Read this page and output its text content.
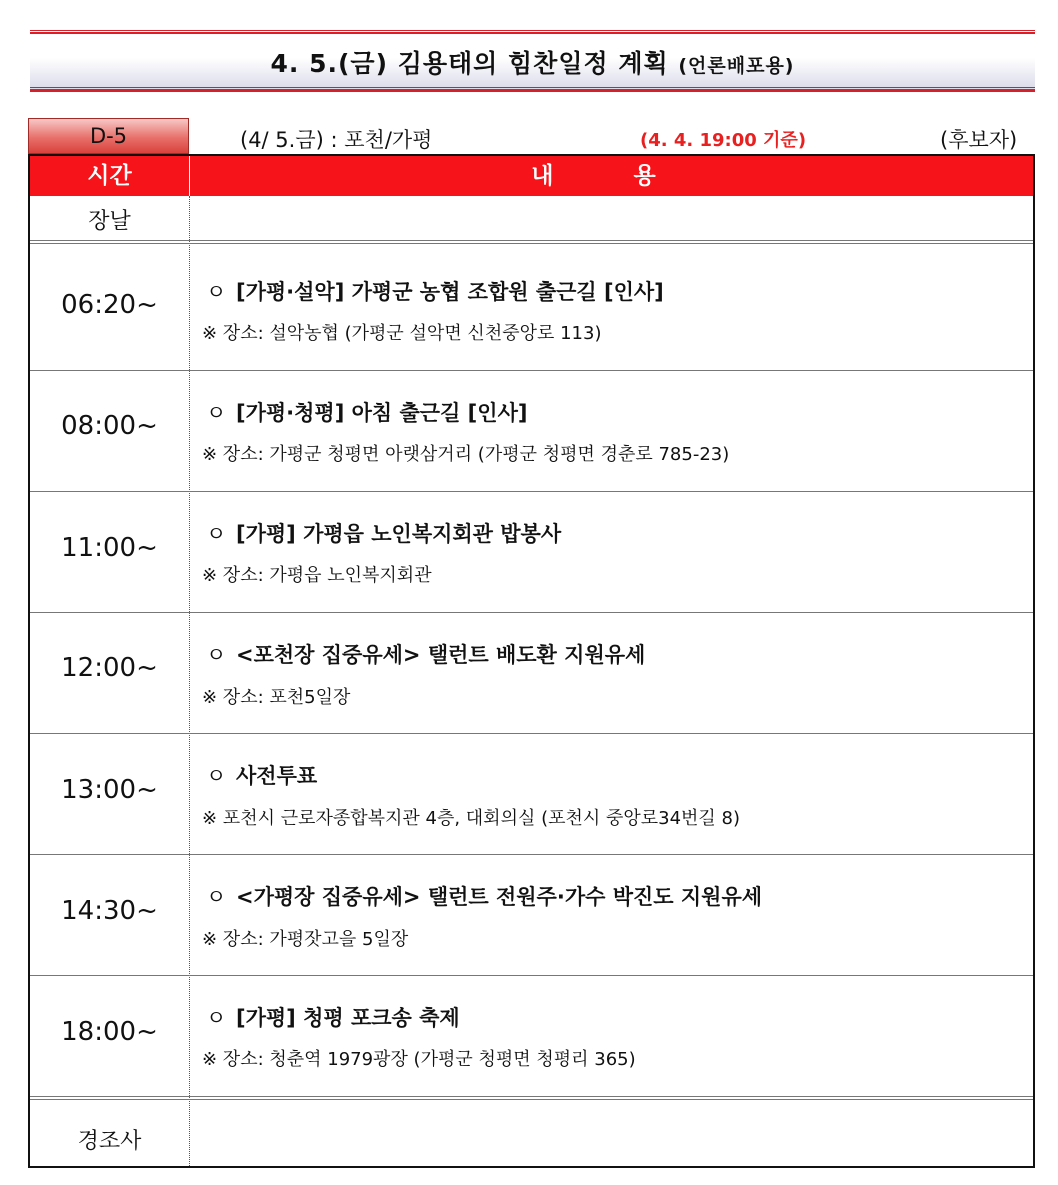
4. 5.(금) 김용태의 힘찬일정 계획 (언론배포용)
D-5	(4/ 5.금) : 포천/가평	(4. 4. 19:00 기준)	(후보자)
시간	내 용
장날
06:20~	ㅇ [가평·설악] 가평군 농협 조합원 출근길 [인사]
※ 장소: 설악농협 (가평군 설악면 신천중앙로 113)
08:00~	ㅇ [가평·청평] 아침 출근길 [인사]
※ 장소: 가평군 청평면 아랫삼거리 (가평군 청평면 경춘로 785-23)
11:00~	ㅇ [가평] 가평읍 노인복지회관 밥봉사
※ 장소: 가평읍 노인복지회관
12:00~	ㅇ <포천장 집중유세> 탤런트 배도환 지원유세
※ 장소: 포천5일장
13:00~	ㅇ 사전투표
※ 포천시 근로자종합복지관 4층, 대회의실 (포천시 중앙로34번길 8)
14:30~	ㅇ <가평장 집중유세> 탤런트 전원주·가수 박진도 지원유세
※ 장소: 가평잣고을 5일장
18:00~	ㅇ [가평] 청평 포크송 축제
※ 장소: 청춘역 1979광장 (가평군 청평면 청평리 365)
경조사
